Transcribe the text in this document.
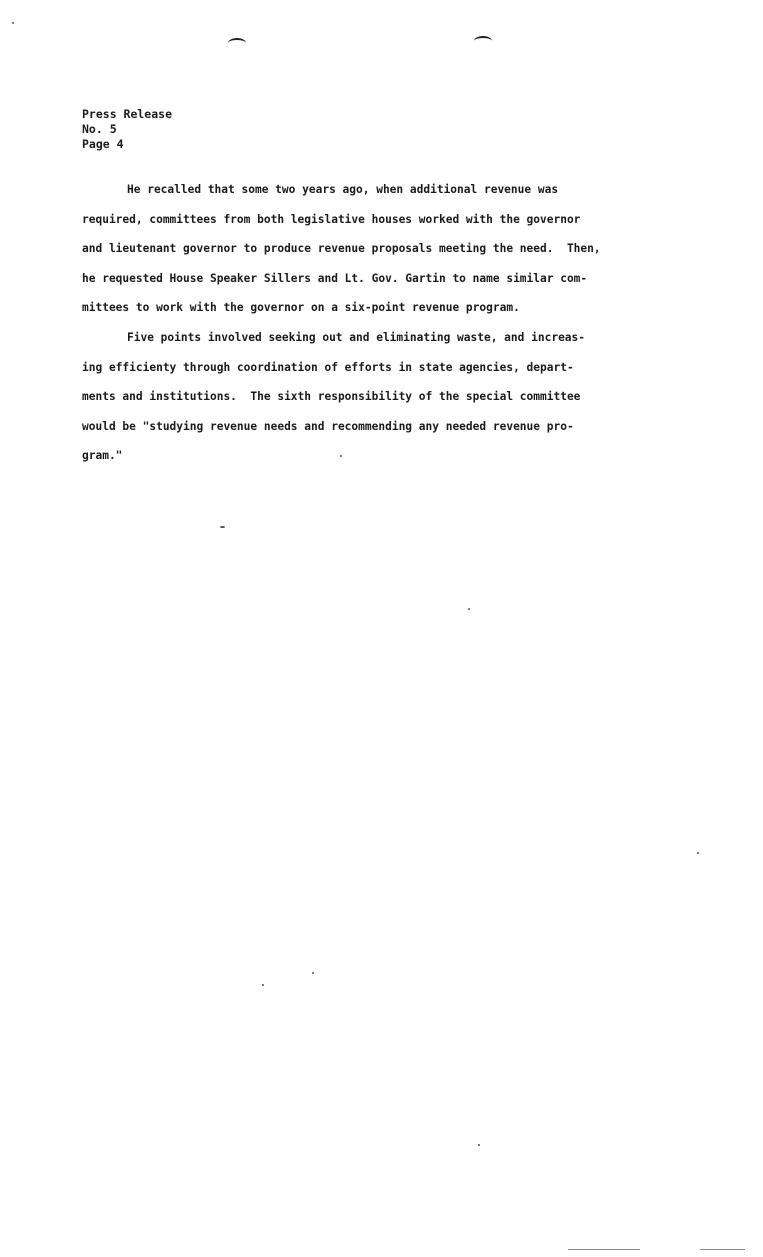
Press Release
No. 5
Page 4
He recalled that some two years ago, when additional revenue was
required, committees from both legislative houses worked with the governor
and lieutenant governor to produce revenue proposals meeting the need.  Then,
he requested House Speaker Sillers and Lt. Gov. Gartin to name similar com-
mittees to work with the governor on a six-point revenue program.
Five points involved seeking out and eliminating waste, and increas-
ing efficienty through coordination of efforts in state agencies, depart-
ments and institutions.  The sixth responsibility of the special committee
would be "studying revenue needs and recommending any needed revenue pro-
gram."
